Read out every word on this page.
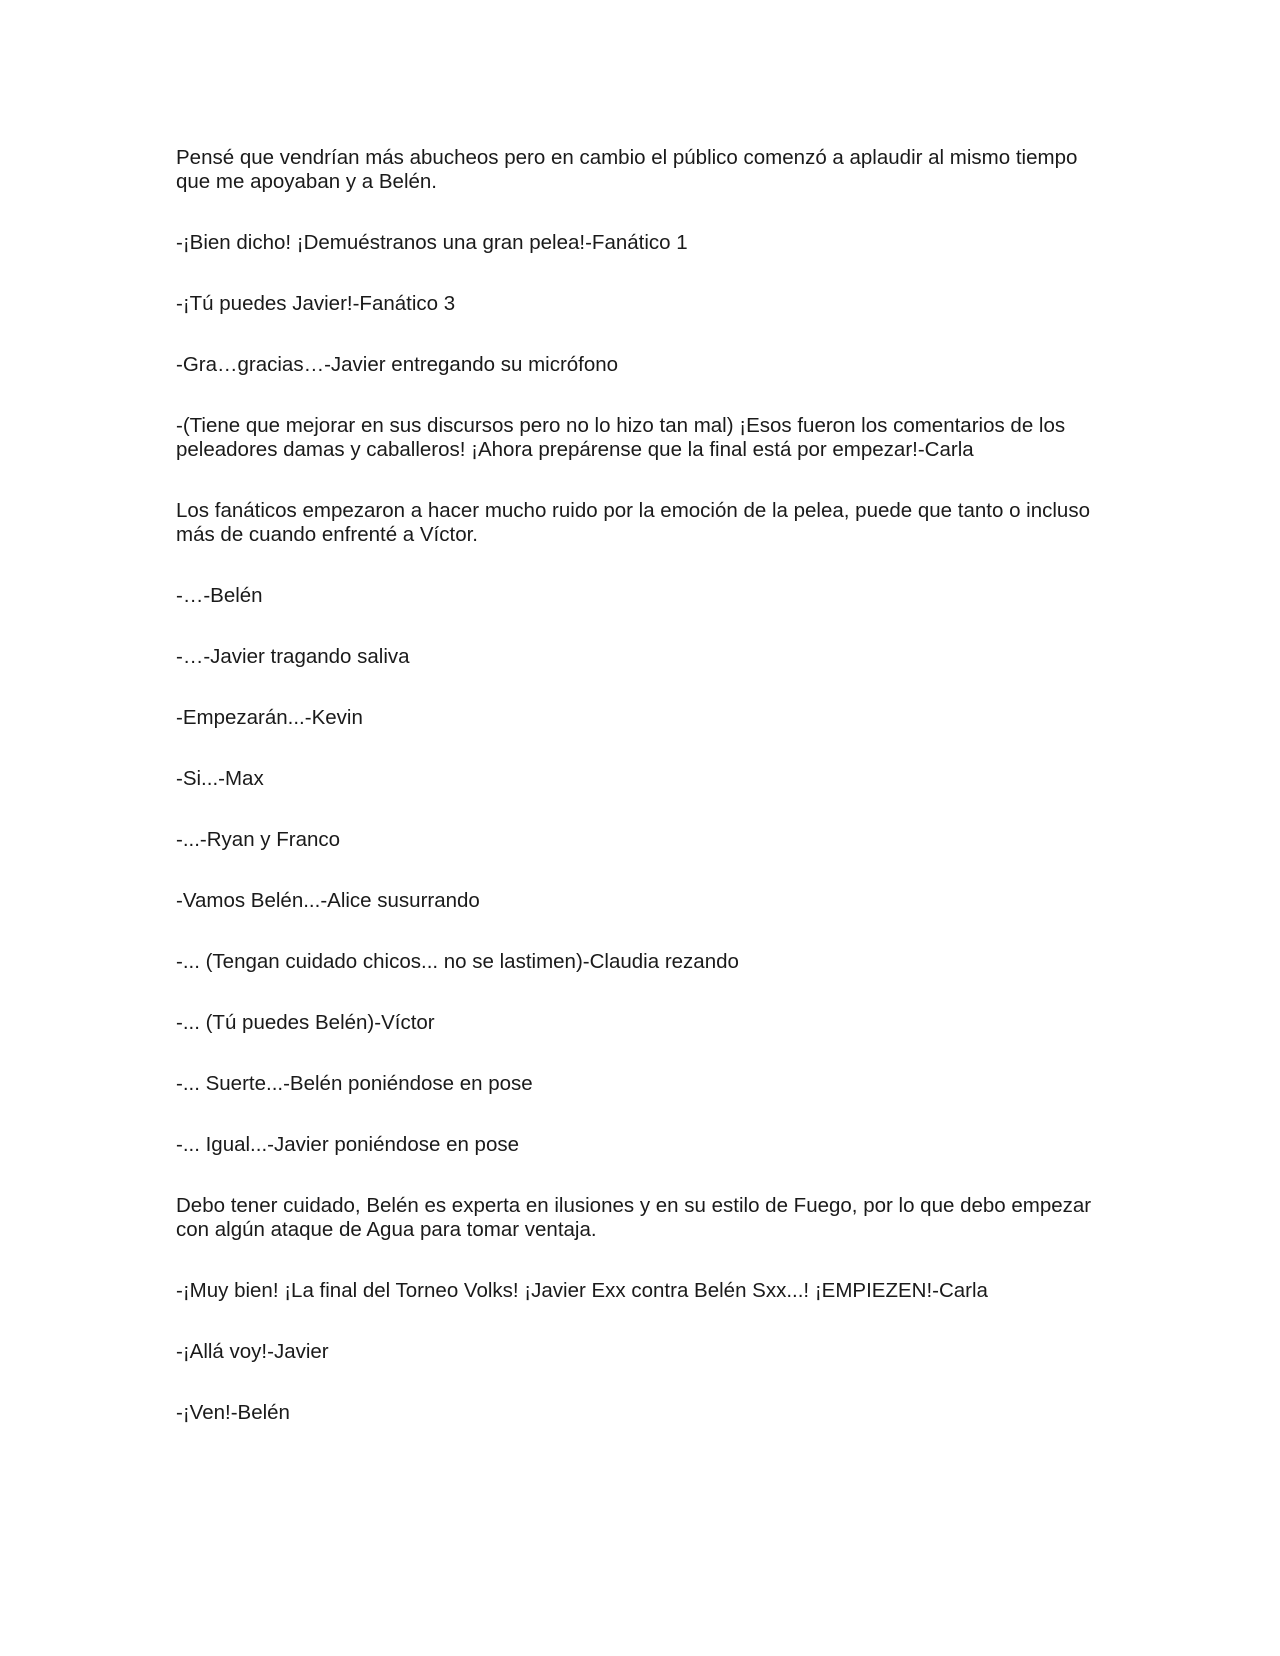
Pensé que vendrían más abucheos pero en cambio el público comenzó a aplaudir al mismo tiempo que me apoyaban y a Belén.

-¡Bien dicho! ¡Demuéstranos una gran pelea!-Fanático 1

-¡Tú puedes Javier!-Fanático 3

-Gra…gracias…-Javier entregando su micrófono

-(Tiene que mejorar en sus discursos pero no lo hizo tan mal) ¡Esos fueron los comentarios de los peleadores damas y caballeros! ¡Ahora prepárense que la final está por empezar!-Carla

Los fanáticos empezaron a hacer mucho ruido por la emoción de la pelea, puede que tanto o incluso más de cuando enfrenté a Víctor.

-…-Belén

-…-Javier tragando saliva

-Empezarán...-Kevin

-Si...-Max

-...-Ryan y Franco

-Vamos Belén...-Alice susurrando

-... (Tengan cuidado chicos... no se lastimen)-Claudia rezando

-... (Tú puedes Belén)-Víctor

-... Suerte...-Belén poniéndose en pose

-... Igual...-Javier poniéndose en pose

Debo tener cuidado, Belén es experta en ilusiones y en su estilo de Fuego, por lo que debo empezar con algún ataque de Agua para tomar ventaja.

-¡Muy bien! ¡La final del Torneo Volks! ¡Javier Exx contra Belén Sxx...! ¡EMPIEZEN!-Carla

-¡Allá voy!-Javier

-¡Ven!-Belén
